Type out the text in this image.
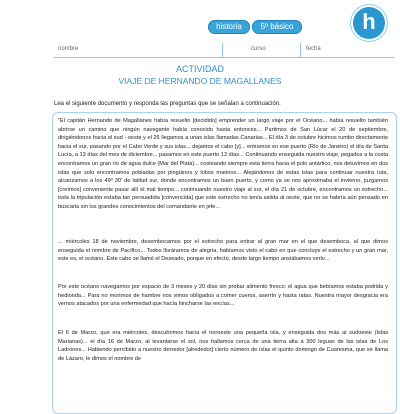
historia	5º básico	h
nombre	curso	fecha
ACTIVIDAD
VIAJE DE HERNANDO DE MAGALLANES
Lea el siguiente documento y responda las preguntas que se señalan a continuación.

“El capitán Hernando de Magallanes había resuelto [decidido] emprender un largo viaje por el Océano... había resuelto también abrirse un camino que ningún navegante había conocido hasta entonces... Partimos de San Lúcar el 20 de septiembre, dirigiéndonos hacia el sud - oeste y el 26 llegamos a unas islas llamadas Canarias... El día 3 de octubre hicimos rumbo directamente hacia el sur, pasando por el Cabo Verde y sus islas... dejamos el cabo [y]... entramos en ese puerto (Río de Janeiro) el día de Santa Lucía, a 13 días del mes de diciembre... pasamos en este puerto 13 días... Continuando enseguida nuestro viaje, pegados a la costa encontramos un gran río de agua dulce (Mar del Plata)... costeando siempre esta tierra hacia el polo antártico, nos detuvimos en dos islas que solo encontramos pobladas por pingüinos y lobos marinos... Alejándonos de estas islas para continuar nuestra ruta, alcanzamos a los 49º 30’ de latitud sur, donde encontramos un buen puerto, y como ya se nos aproximaba el invierno, juzgamos [creímos] conveniente pasar allí el mal tiempo... continuando nuestro viaje al sur, el día 21 de octubre, encontramos un estrecho... toda la tripulación estaba tan persuadida [convencida] que este estrecho no tenía salida al oeste, que no se habría aún pensado en buscarla sin los grandes conocimientos del comandante en jefe...

... miércoles 18 de noviembre, desembocamos por el estrecho para entrar al gran mar en el que desemboca, al que dimos enseguida el nombre de Pacífico... Todos lloráramos de alegría, habíamos visto el cabo en que concluye el estrecho y un gran mar, este es, el océano. Este cabo se llamó el Deseado, porque en efecto, desde largo tiempo ansiábamos verlo...

Por este océano navegamos por espacio de 3 meses y 20 días sin probar alimento fresco: el agua que bebíamos estaba podrida y hedionda... Para no morirnos de hambre nos vimos obligados a comer cueros, aserrín y hasta ratas. Nuestra mayor desgracia era vernos atacados por una enfermedad que hacía hincharse las encías...

El 6 de Marzo, que era miércoles, descubrimos hacia el noroeste una pequeña isla, y enseguida dos más al sudoeste (Islas Marianas)... el día 16 de Marzo, al levantarse el sol, nos hallamos cerca de una tierra alta a 300 leguas de las islas de Los Ladrones... Habiendo percibido a nuestro derredor [alrededor] cierto número de islas el quinto domingo de Cuaresma, que se llama de Lázaro, le dimos el nombre de
